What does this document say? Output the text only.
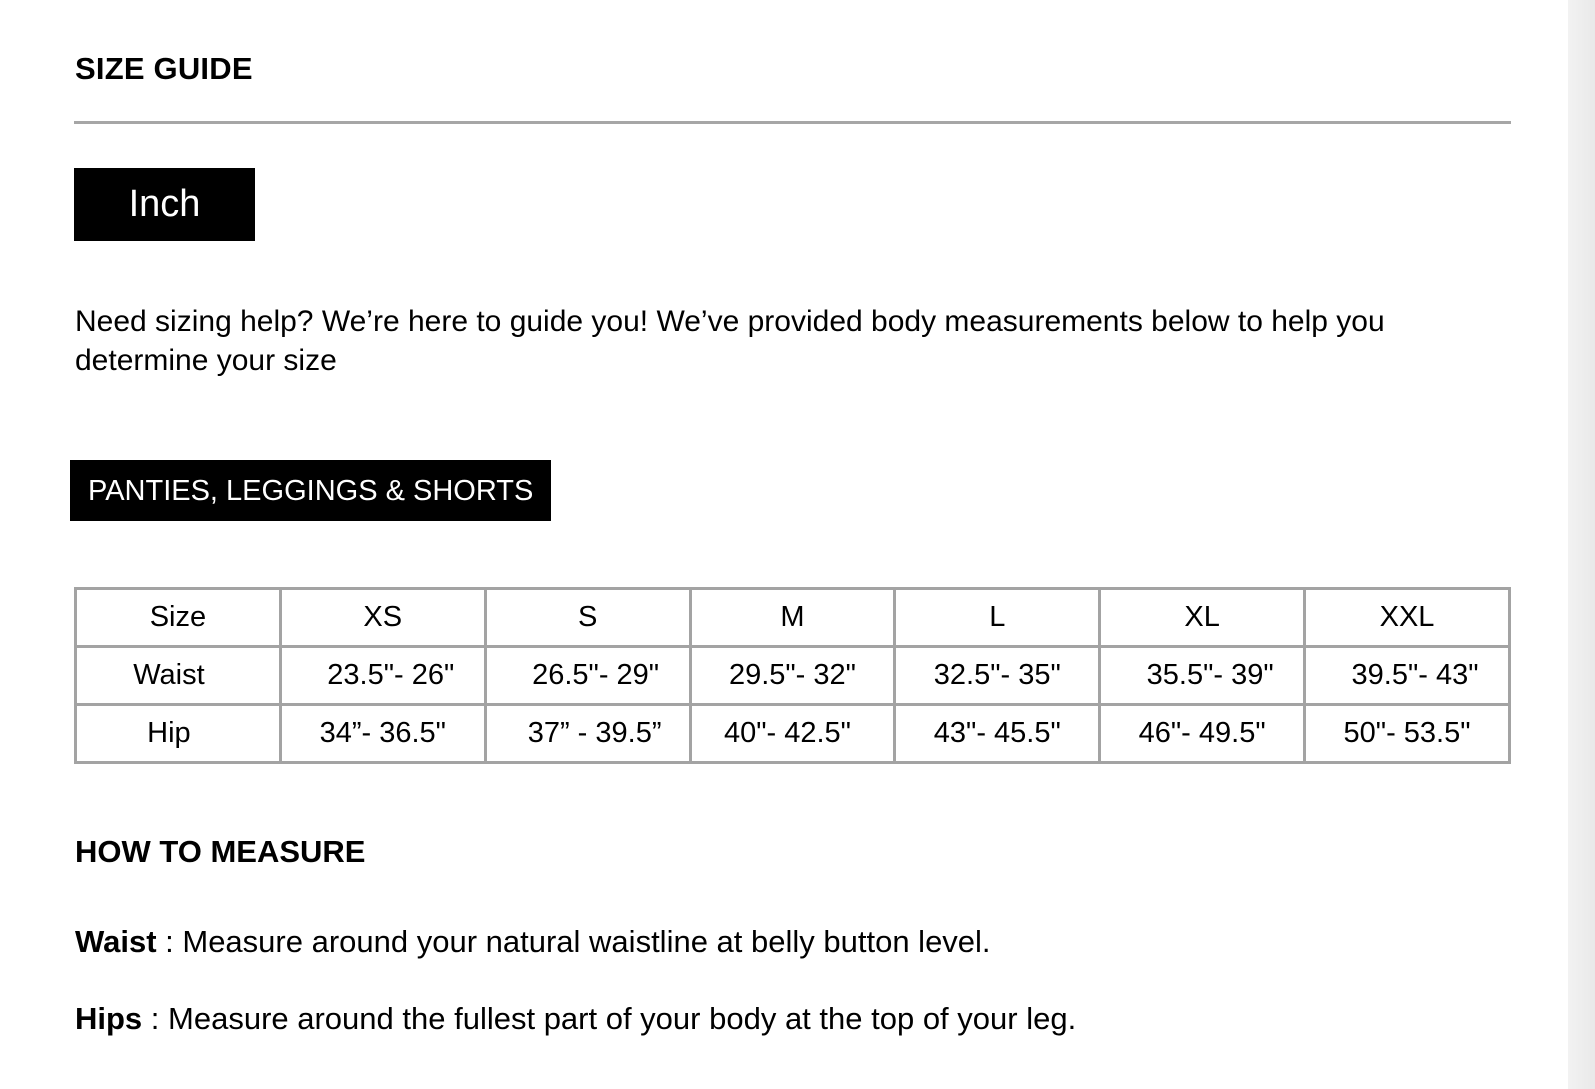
SIZE GUIDE
Inch

Need sizing help? We’re here to guide you! We’ve provided body measurements below to help you determine your size

PANTIES, LEGGINGS & SHORTS
Size	XS	S	M	L	XL	XXL
Waist	23.5"- 26"	26.5"- 29"	29.5"- 32"	32.5"- 35"	35.5"- 39"	39.5"- 43"
Hip	34”- 36.5"	37” - 39.5”	40"- 42.5"	43"- 45.5"	46"- 49.5"	50"- 53.5"
HOW TO MEASURE

Waist : Measure around your natural waistline at belly button level.

Hips : Measure around the fullest part of your body at the top of your leg.
